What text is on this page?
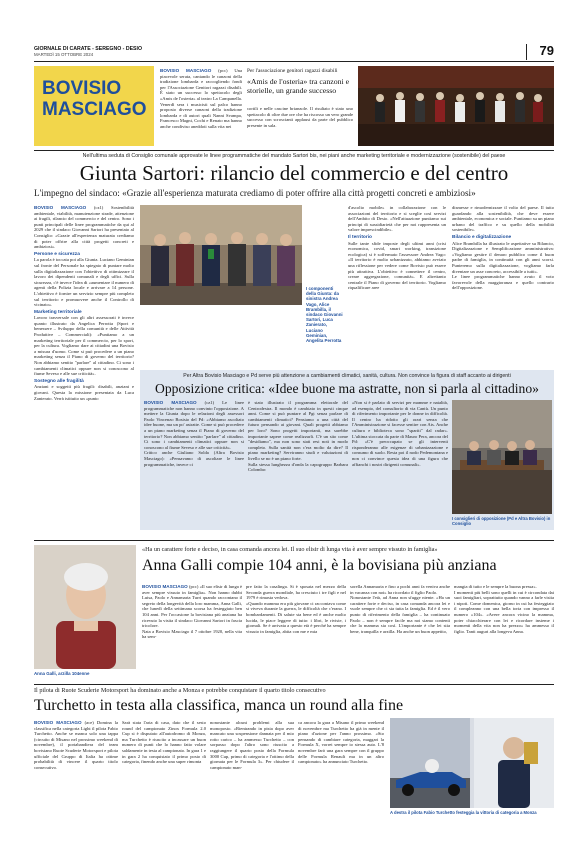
GIORNALE DI CARATE - SEREGNO - DESIO
MARTEDÌ 15 OTTOBRE 2024	79
BOVISIO MASCIAGO
BOVISIO MASCIAGO (pcc) Una piacevole serata, cantando le canzoni della tradizione lombarda e raccogliendo fondi per l'Associazione Genitori ragazzi disabili. È stato un successo lo spettacolo degli «Amis de l'osteria» al teatro La Campanella. Venerdì sera i musicisti sul palco hanno proposto diverse canzoni della tradizione lombarda e di autori quali Nanni Svampa, Francesco Magni, Cochi e Renato ma hanno anche condiviso aneddoti sulla vita nei
Per l'associazione genitori ragazzi disabili
«Amis de l'osteria» tra canzoni e storielle, un grande successo
cortili e nelle cascine brianzole. Il risultato è stato uno spettacolo di oltre due ore che ha riscosso un vero grande successo con scroscianti applausi da parte del pubblico presente in sala.
Nell'ultima seduta di Consiglio comunale approvate le linee programmatiche del mandato Sartori bis, nei piani anche marketing territoriale e modernizzazione (sostenibile) del paese
Giunta Sartori: rilancio del commercio e del centro
L'impegno del sindaco: «Grazie all'esperienza maturata crediamo di poter offrire alla città progetti concreti e ambiziosi»
BOVISIO MASCIAGO (cz1) Sostenibilità ambientale, viabilità, manutenzione strade, attenzione ai fragili, rilancio del commercio e del centro. Sono i punti principali delle linee programmatiche da qui al 2029 che il sindaco Giovanni Sartori ha presentato al Consiglio: «Grazie all'esperienza maturata crediamo di poter offrire alla città progetti concreti e ambiziosi».
Persone e sicurezza
La parola è toccata poi alla Giunta. Luciano Geminian sul fronte del Personale ha spiegato di puntare molto sulla digitalizzazione con l'obiettivo di ottimizzare il lavoro dei dipendenti comunali e degli uffici. Sulla sicurezza, c'è invece l'idea di «aumentare il numero di agenti della Polizia locale e arrivare a 14 persone. L'obiettivo è fornire un servizio sempre più completo sul territorio e promuovere anche il Controllo di vicinato».
Marketing territoriale
Lavoro trasversale con gli altri assessorati è invece quanto illustrato da Angelica Perrotta (Sport e benessere – Sviluppo della comunità e delle Attività Produttive – Commerciali): «Puntiamo a un marketing territoriale per il commercio, per lo sport, per la cultura. Vogliamo dare ai cittadini una Bovisio a misura d'uomo. Come si può procedere a un piano marketing senza il Piano di governo del territorio? Non abbiamo sentito "parlare" al cittadino. Ci sono i cambiamenti climatici oppure non si conoscono al fiume Seveso e alle sue criticità».
Sostegno alle fragilità
Anziani e soggetti più fragili: disabili, anziani e giovani. Questa la missione presentata da Luca Zanierato. Verrà istituito un «punto
I componenti della Giunta: da sinistra Andrea Vago, Alice Brambilla, il sindaco Giovanni Sartori, Luca Zanierato, Luciano Geminian, Angelita Perrotta
d'ascolto mobile» in collaborazione con le associazioni del territorio e si sceglie così servizi dell'Ambito di Desio. «Nell'attuazione puntiamo sui principi di sussidiarietà che per noi rappresenta un valore imprescindibile».
Il territorio
Sulle tante sfide imposte degli ultimi anni (crisi economica, covid, smart working, transizione ecologica) si è soffermato l'assessore Andrea Vago: «Il territorio è molto urbanizzato, abbiamo avviato una riflessione per vedere come Bovisio può essere più attrattiva. L'obiettivo è connettere il centro, creare aggregazione, comunità». E altrettanto centrale il Piano di governo del territorio. Vogliamo riqualificare aree
dismesse e rimodernizzare il volto del paese. Il tutto guardando alla sostenibilità, che deve essere ambientale, economica e sociale. Puntiamo su un piano urbano del traffico e su quello della mobilità sostenibile».
Bilancio e digitalizzazione
Alice Brambilla ha illustrato le aspettative su Bilancio, Digitalizzazione e Semplificazione amministrativa: «Vogliamo gestire il denaro pubblico come il buon padre di famiglia, in continuità con gli anni scorsi. Punteremo sulla digitalizzazione, vogliamo farla diventare un asse concreto, accessibile a tutti».
Le linee programmatiche hanno avuto il voto favorevole della maggioranza e quello contrario dell'opposizione.
Per Altra Bovisio Masciago e Pd serve più attenzione a cambiamenti climatici, sanità, cultura. Non convince la figura di staff accanto ai dirigenti
Opposizione critica: «Idee buone ma astratte, non si parla al cittadino»
BOVISIO MASCIAGO (cz1) Le linee programmatiche non hanno convinto l'opposizione. A mettere la Giunta dopo le relazioni degli assessori Paolo Vincenzo Bosisio del Pd: «Abbiamo ascoltato idee buone, ma un po' astratte. Come si può procedere a un piano marketing senza il Piano di governo del territorio? Non abbiamo sentito "parlare" al cittadino. Ci sono i cambiamenti climatici oppure non si conoscono al fiume Seveso e alle sue criticità».
Critico anche Giuliano Solda (Altra Bovisio Masciago): «Pensavamo di ascoltare le linee programmatiche, invece ci
è stato illustrato il programma elettorale del Centrodestra. Il mondo è cambiato in questi cinque anni. Come si può puntare al Pgt senza parlare di cambiamenti climatici? Pensiamo a una città del futuro pensando ai giovani. Quali progetti abbiamo per loro? Sono progetti importanti, ma sarebbe importante sapere come realizzarli. C'è un sito come "desidiamo", ma non sono stati resi noti in modo completo. Sulla sanità non c'era molto da dire? Il piano marketing? Serviranno studi e valutazioni di livello se no è un piano forte.
Sulla stessa lunghezza d'onda la capogruppo Barbara Colombo:
«Non si è parlato di servizi per mamme e natalità, ad esempio, del consultorio di via Cantù. Un punto di riferimento importante per le donne in difficoltà. Il centro ha ridotto gli orari senza che l'Amministrazione si facesse sentire con Ats. Anche cultura e biblioteca sono "spariti" dal radar». L'ultima stoccata da parte di Mauro Pera, ancora del Pd: «C'è preoccupato se gli interventi risponderanno alle esigenze di urbanizzazione e consumo di suolo. Resta poi il nodo Pedemontana e non ci convince questa idea di una figura che affianchi i nostri dirigenti comunali».
I consiglieri di opposizione (Pd e Altra Bovisio) in Consiglio
Anna Galli, arzilla 104enne
«Ha un carattere forte e deciso, in casa comanda ancora lei. Il suo elisir di lunga vita è aver sempre vissuto in famiglia»
Anna Galli compie 104 anni, è la bovisiana più anziana
BOVISIO MASCIAGO (pcc) «Il suo elisir di lunga è aver sempre vissuto in famiglia». Non hanno dubbi Luisa, Paolo e Annamaria Turri quando raccontano il segreto della longevità della loro mamma, Anna Galli, che lunedì della settimana scorsa ha festeggiato ben 104 anni. Per l'occasione la bovisiana più anziana ha ricevuto la visita il sindaco Giovanni Sartori in fascia tricolore.
Nata a Bovisio Masciago il 7 ottobre 1920, nella vita ha sem-
pre fatto la casalinga. Si è sposata nel mezzo della Seconda guerra mondiale, ha cresciuto i tre figli e nel 1979 è rimasta vedova.
«Quando mamma era più giovane ci raccontava come si viveva durante la guerra, le difficoltà che c'erano. I bombardamenti. Di salute sta bene ed è anche molto lucida, le piace leggere di tutto: i libri, le riviste, i giornali. Se è arrivata a questo età è perché ha sempre vissuto in famiglia, abita con me e mia
sorella Annamaria e fino a pochi anni fa veniva anche in vacanza con noi» ha ricordato il figlio Paolo.
Nonostante l'età, ad Anna non sfugge niente. «Ha un carattere forte e deciso, in casa comanda ancora lei e vuole sempre che ci sia tutta la famiglia. Ed è il vero punto di riferimento della famiglia – ha continuato Paolo – non è sempre facile ma noi siamo contenti che la mamma sia così. L'importante è che lei stia bene, tranquilla e arzilla. Ha anche un buon appetito,
mangia di tutto e le sempre la buona pressa».
I momenti più belli sono quelli in cui è circondata dai suoi famigliari, soprattutto quando vanno a farle visita i nipoti. Come domenica, giorno in cui ha festeggiato il compleanno con una bella torta con impresso il numero «104». «Avere ancora vicino la mamma, poter chiacchierare con lei e ricordare insieme i momenti della vita non ha prezzo» ha ammesso il figlio. Tanti auguri alla longeva Anna.
Il pilota di Ruote Scuderie Motorsport ha dominato anche a Monza e potrebbe conquistare il quarto titolo consecutivo
Turchetto in testa alla classifica, manca un round alla fine
BOVISIO MASCIAGO (ace) Domina la classifica nella categoria Light il pilota Fabio Turchetto. Anche se manca solo una tappa (circuito di Misano nel prossimo weekend di novembre), il portabandiera del team bovisiano Ruote Scuderie Motorsport e pilota ufficiale del Gruppo di Italia ha ottime probabilità di vincere il quarto titolo consecutivo.
Sarà stata l'aria di casa, dato che il sesto round del campionato Zinox Formula 2.0 Cup si è disputato all'autodromo di Monza, ma Turchetto è riuscito a incassare un buon numero di punti che lo hanno fatto volare saldamente in testa al campionato. In gara 1 e in gara 2 ha conquistato il primo posto di categoria, finendo anche una super rimonta
nonostante alcuni problemi alla sua monoposto. «Rientrando in pista dopo aver mancato una sospensione dannata per il mio rotto carico – ha ammesso Turchetto – con sorpasso dopo l'altro sono riuscito a raggiungere il quarto posto della Formula 3000 Cup, primo di categoria e l'ottimo della giornata per le Formula 3». Per chiudere il campionato man-
ca ancora la gara a Misano il primo weekend di novembre ma Turchetto ha già in mente il piano d'azione per l'anno prossimo. «Sto pensando di cambiare categoria, maggari la Formula X, vorrei sempre io stessa auto. L'8 novembre farò una gara sempre con il gruppo delle Formula Renault ma in un altro campionato» ha annunciato Turchetto.
A destra il pilota Fabio Turchetto festeggia la vittoria di categoria a Monza
